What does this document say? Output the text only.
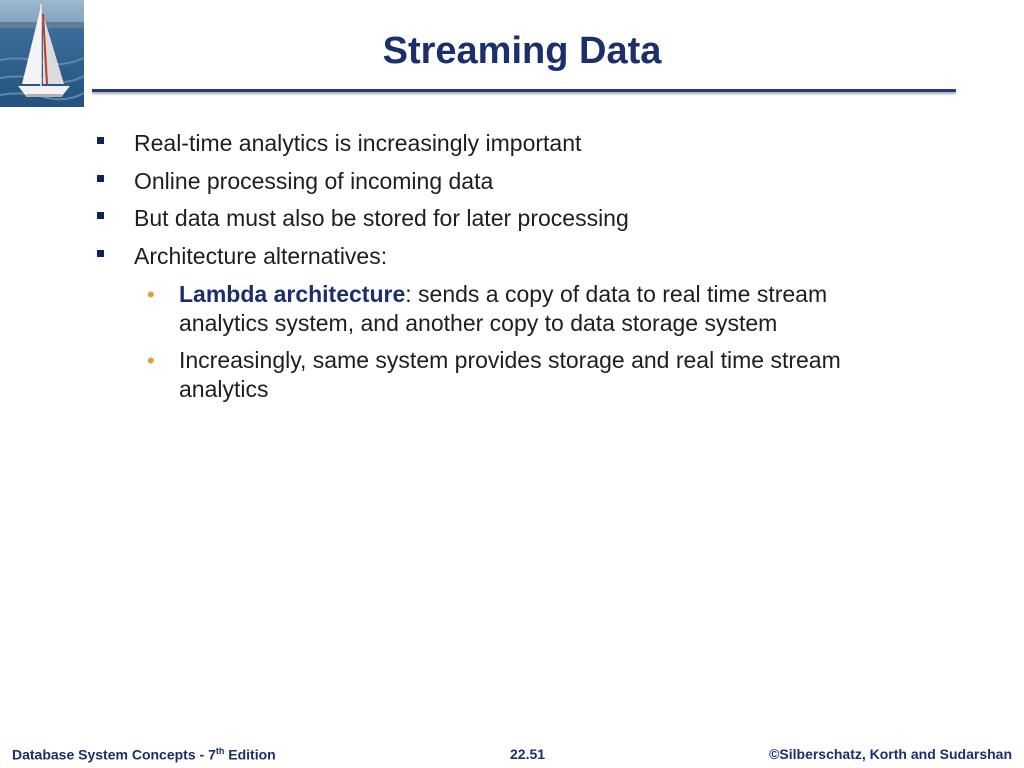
Streaming Data
Real-time analytics is increasingly important
Online processing of incoming data
But data must also be stored for later processing
Architecture alternatives:
• Lambda architecture: sends a copy of data to real time stream analytics system, and another copy to data storage system
• Increasingly, same system provides storage and real time stream analytics
Database System Concepts - 7th Edition	22.51	©Silberschatz, Korth and Sudarshan
